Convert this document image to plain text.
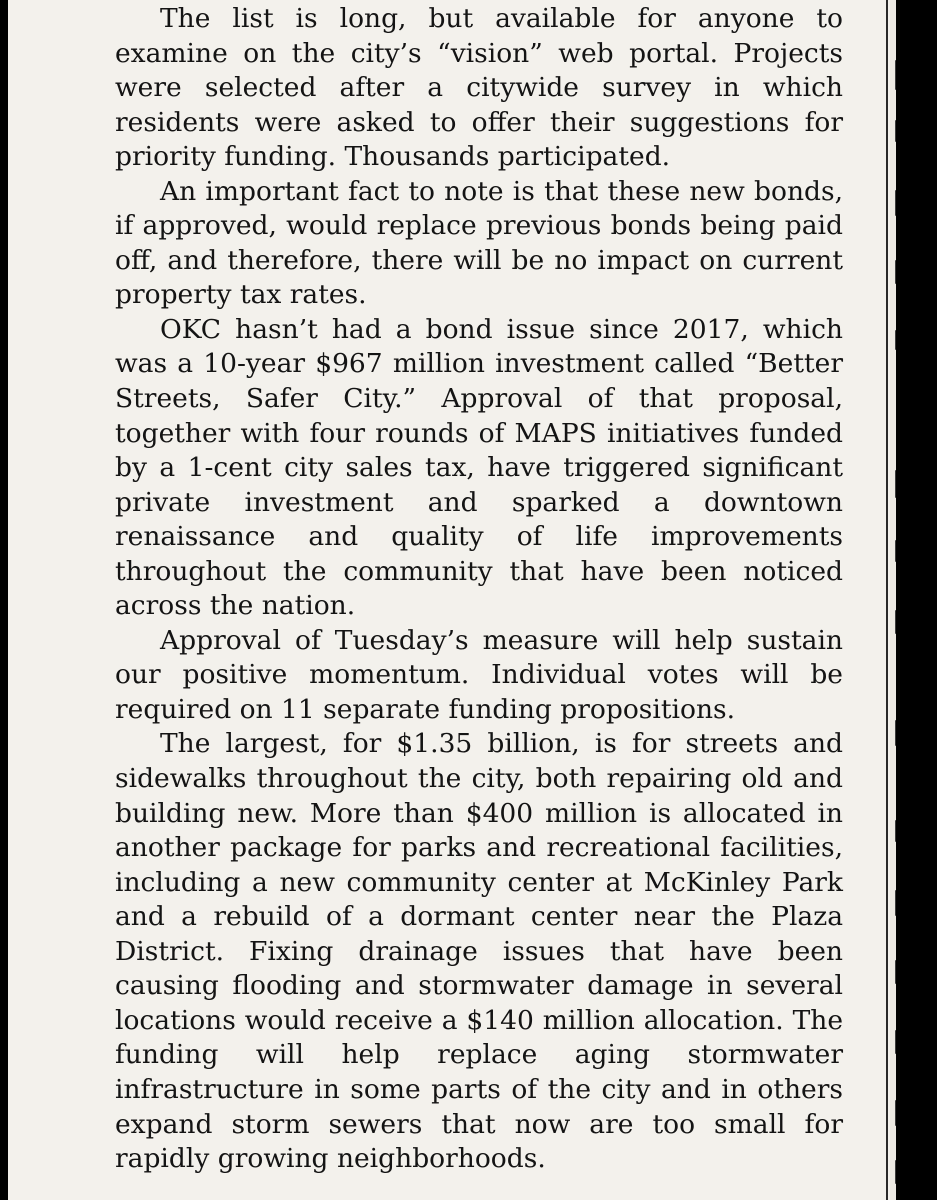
The list is long, but available for anyone to examine on the city’s “vision” web portal. Projects were selected after a citywide survey in which residents were asked to offer their suggestions for priority funding. Thousands participated.

An important fact to note is that these new bonds, if approved, would replace previous bonds being paid off, and therefore, there will be no impact on current property tax rates.

OKC hasn’t had a bond issue since 2017, which was a 10-year $967 million investment called “Better Streets, Safer City.” Approval of that proposal, together with four rounds of MAPS initiatives funded by a 1-cent city sales tax, have triggered significant private investment and sparked a downtown renaissance and quality of life improvements throughout the community that have been noticed across the nation.

Approval of Tuesday’s measure will help sustain our positive momentum. Individual votes will be required on 11 separate funding propositions.

The largest, for $1.35 billion, is for streets and sidewalks throughout the city, both repairing old and building new. More than $400 million is allocated in another package for parks and recreational facilities, including a new community center at McKinley Park and a rebuild of a dormant center near the Plaza District. Fixing drainage issues that have been causing flooding and stormwater damage in several locations would receive a $140 million allocation. The funding will help replace aging stormwater infrastructure in some parts of the city and in others expand storm sewers that now are too small for rapidly growing neighborhoods.
